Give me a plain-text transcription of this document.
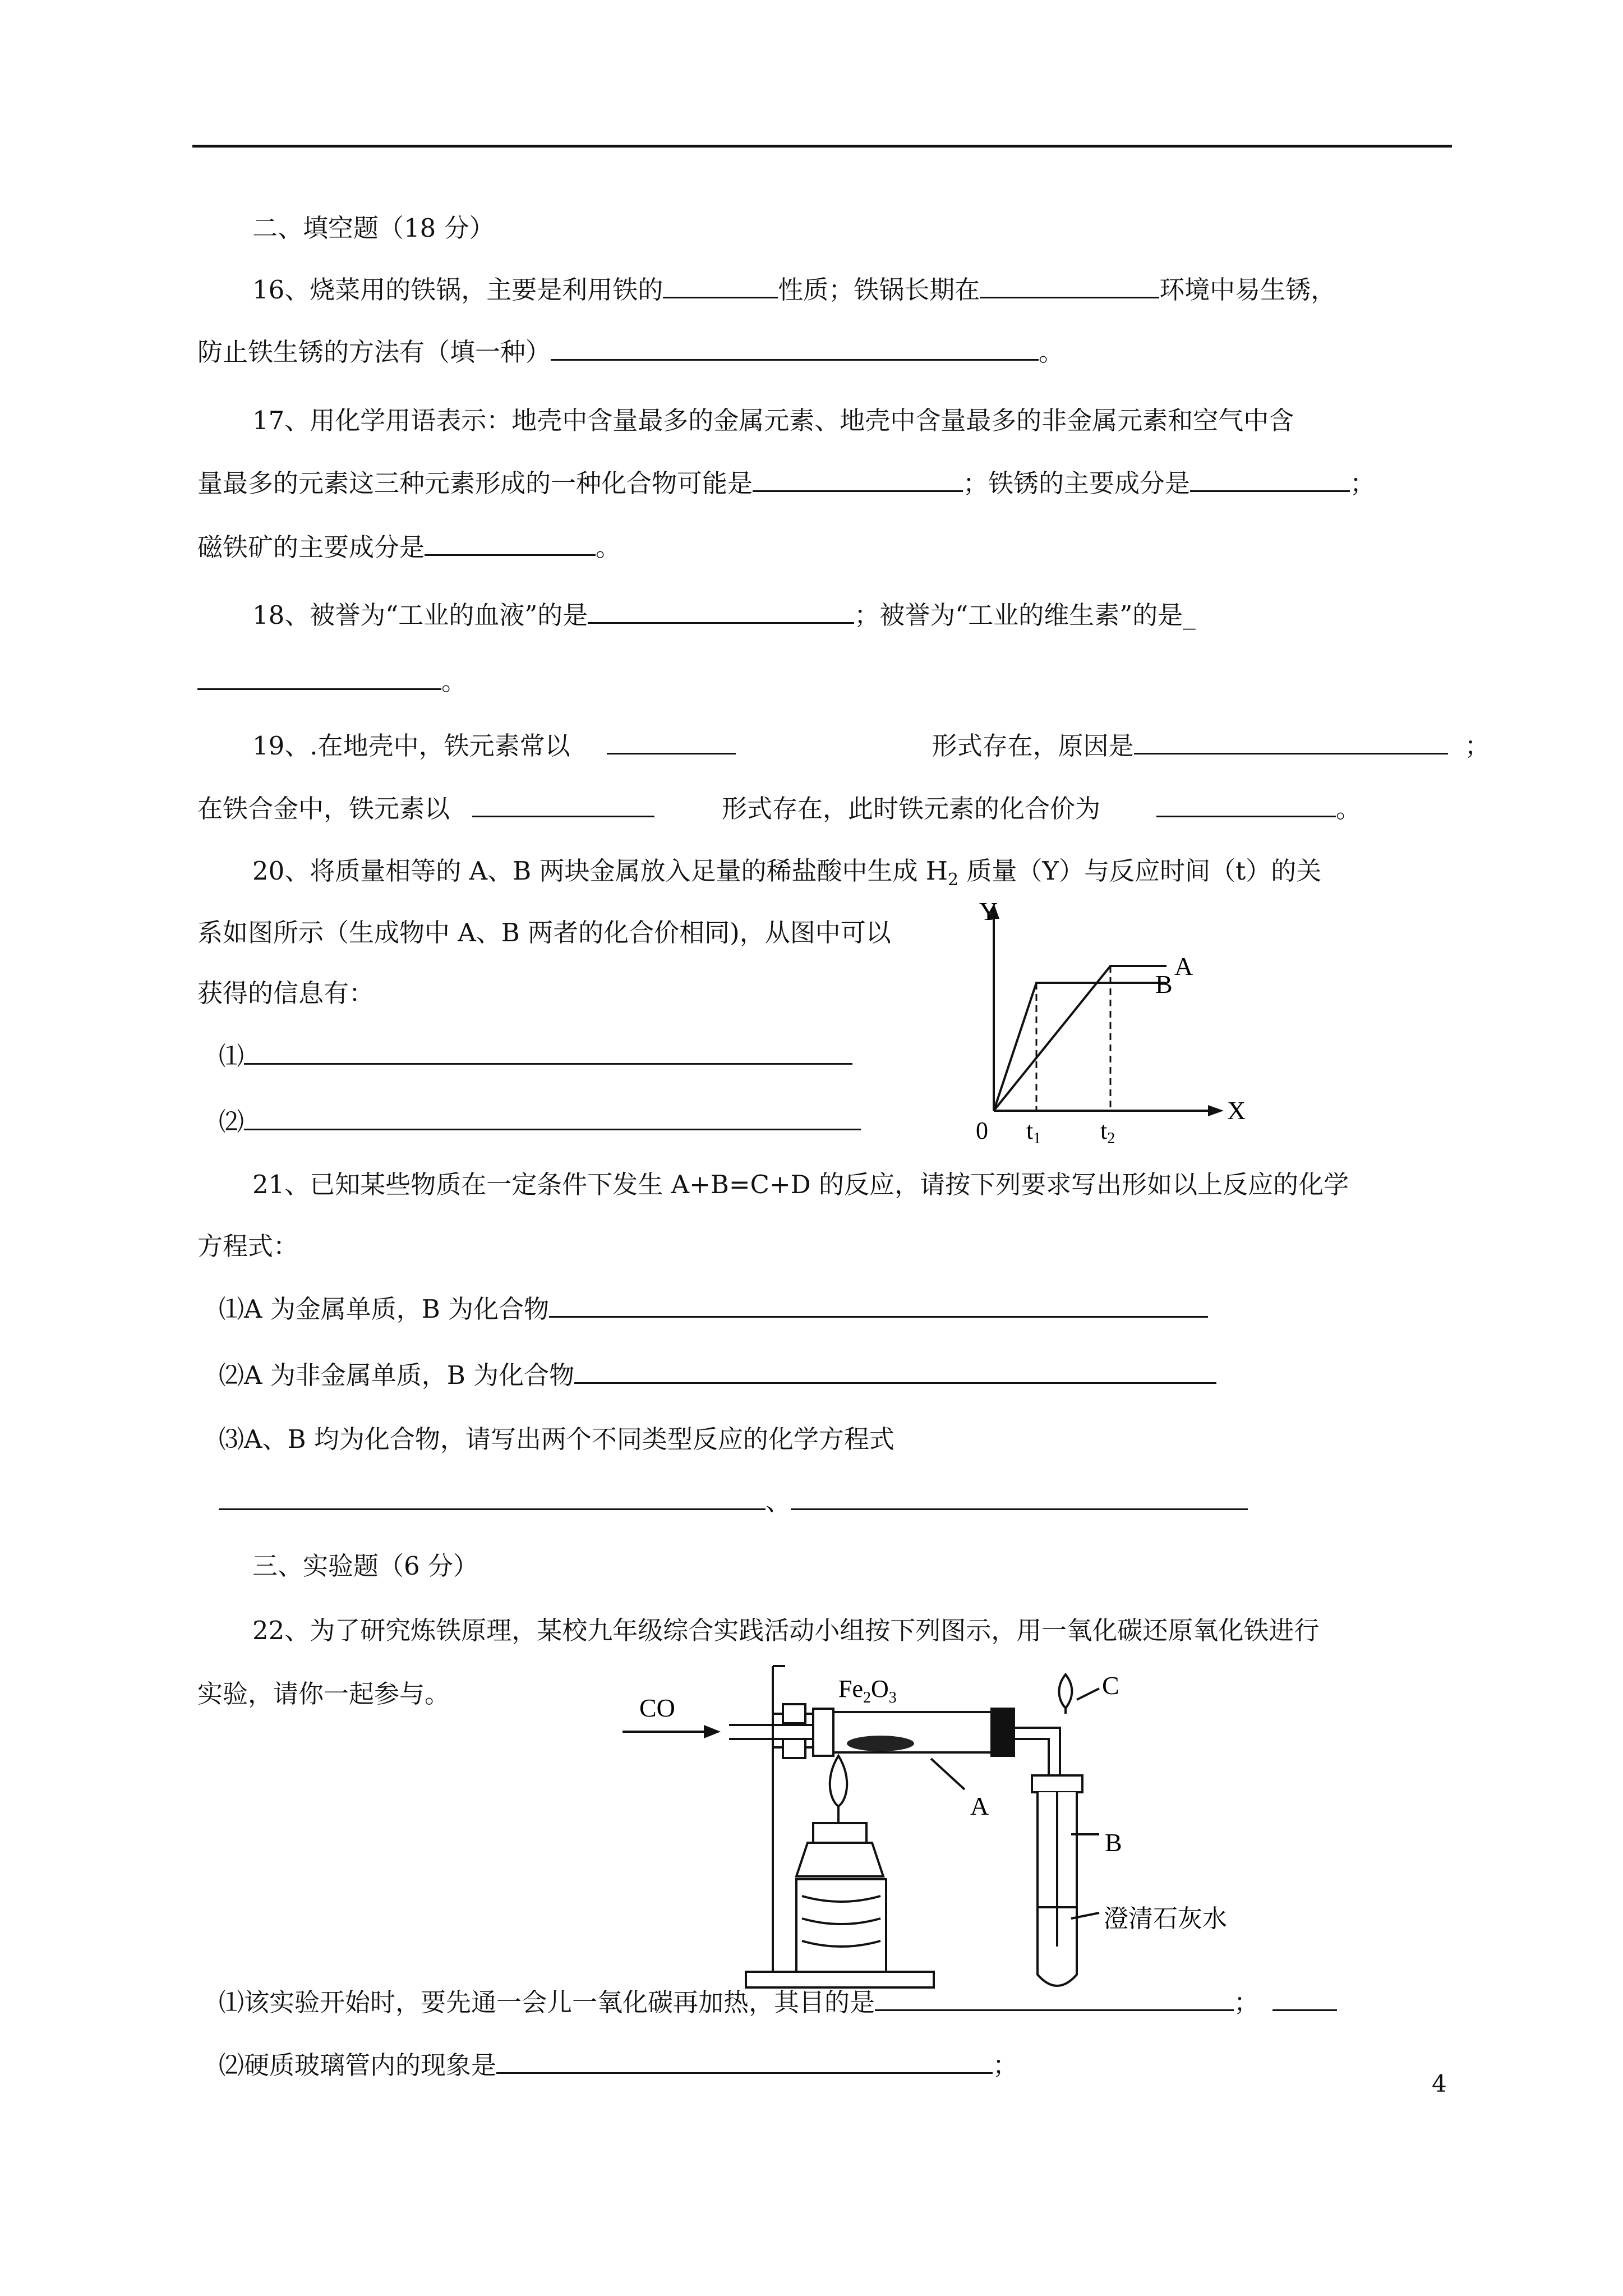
二、填空题（18 分）
16、烧菜用的铁锅，主要是利用铁的	性质；铁锅长期在	环境中易生锈，
防止铁生锈的方法有（填一种）	。
17、用化学用语表示：地壳中含量最多的金属元素、地壳中含量最多的非金属元素和空气中含
量最多的元素这三种元素形成的一种化合物可能是	；铁锈的主要成分是	；
磁铁矿的主要成分是	。
18、被誉为“工业的血液”的是	；被誉为“工业的维生素”的是_
。
19、.在地壳中，铁元素常以	形式存在，原因是	；
在铁合金中，铁元素以	形式存在，此时铁元素的化合价为	。
20、将质量相等的 A、B 两块金属放入足量的稀盐酸中生成 $H_2$ 质量（Y）与反应时间（t）的关
系如图所示（生成物中 A、B 两者的化合价相同)，从图中可以
获得的信息有：
⑴
⑵
Y
X
0 t1 t2
A
B
21、已知某些物质在一定条件下发生 A+B=C+D 的反应，请按下列要求写出形如以上反应的化学
方程式：
⑴A 为金属单质，B 为化合物
⑵A 为非金属单质，B 为化合物
⑶A、B 均为化合物，请写出两个不同类型反应的化学方程式
、
三、实验题（6 分）
22、为了研究炼铁原理，某校九年级综合实践活动小组按下列图示，用一氧化碳还原氧化铁进行
实验，请你一起参与。	CO
$Fe_2O_3$
A
B
C
澄清石灰水
⑴该实验开始时，要先通一会儿一氧化碳再加热，其目的是	；
⑵硬质玻璃管内的现象是	；
4
